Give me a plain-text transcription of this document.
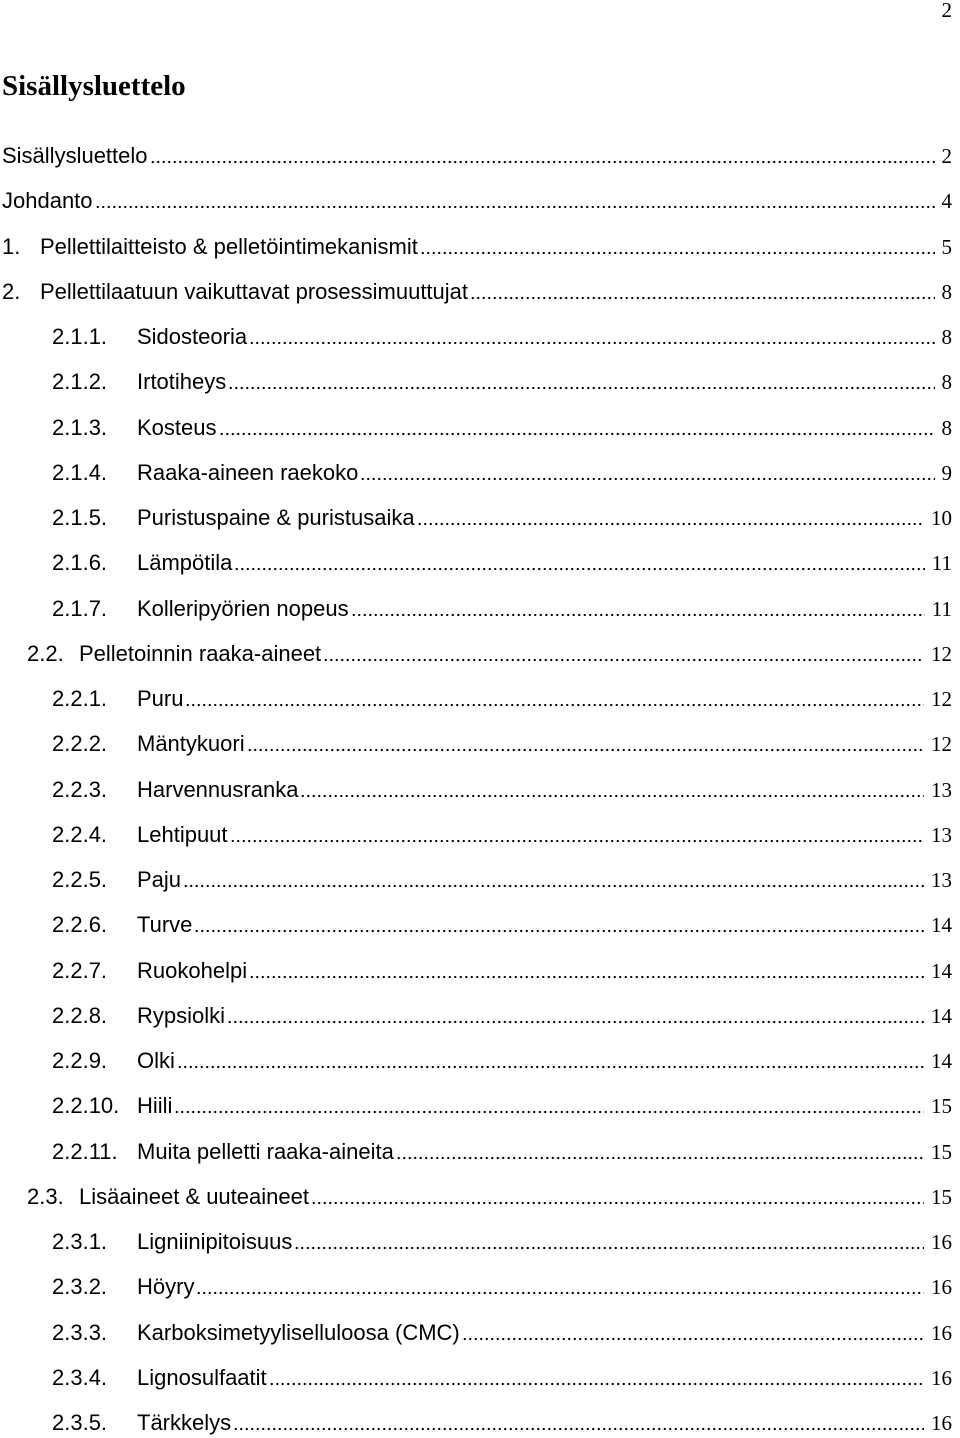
2
Sisällysluettelo
Sisällysluettelo	2
Johdanto	4
1. Pellettilaitteisto & pelletöintimekanismit	5
2. Pellettilaatuun vaikuttavat prosessimuuttujat	8
2.1.1. Sidosteoria	8
2.1.2. Irtotiheys	8
2.1.3. Kosteus	8
2.1.4. Raaka-aineen raekoko	9
2.1.5. Puristuspaine & puristusaika	10
2.1.6. Lämpötila	11
2.1.7. Kolleripyörien nopeus	11
2.2. Pelletoinnin raaka-aineet	12
2.2.1. Puru	12
2.2.2. Mäntykuori	12
2.2.3. Harvennusranka	13
2.2.4. Lehtipuut	13
2.2.5. Paju	13
2.2.6. Turve	14
2.2.7. Ruokohelpi	14
2.2.8. Rypsiolki	14
2.2.9. Olki	14
2.2.10. Hiili	15
2.2.11. Muita pelletti raaka-aineita	15
2.3. Lisäaineet & uuteaineet	15
2.3.1. Ligniinipitoisuus	16
2.3.2. Höyry	16
2.3.3. Karboksimetyyliselluloosa (CMC)	16
2.3.4. Lignosulfaatit	16
2.3.5. Tärkkelys	16
